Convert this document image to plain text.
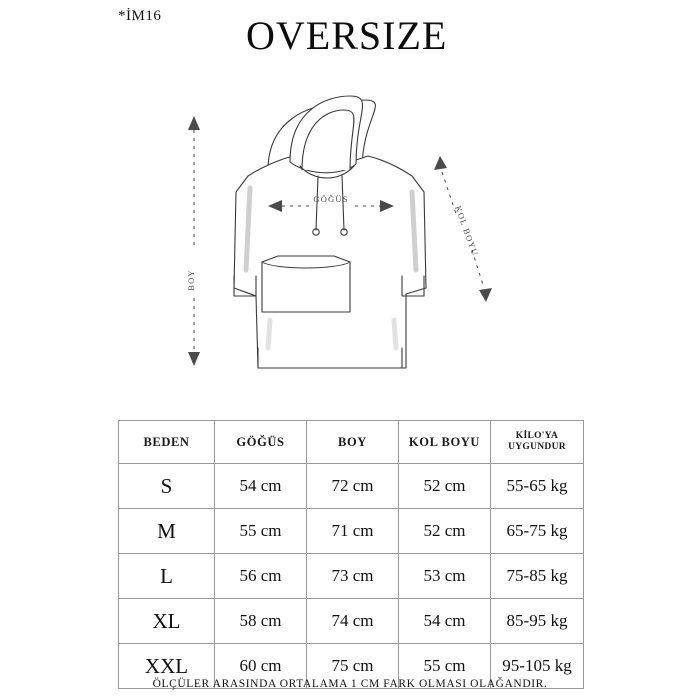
*İM16 OVERSIZE
BOY
GÖĞÜS
KOL BOYU
BEDEN	GÖĞÜS	BOY	KOL BOYU	KİLO'YA
UYGUNDUR
S	54 cm	72 cm	52 cm	55-65 kg
M	55 cm	71 cm	52 cm	65-75 kg
L	56 cm	73 cm	53 cm	75-85 kg
XL	58 cm	74 cm	54 cm	85-95 kg
XXL	60 cm	75 cm	55 cm	95-105 kg
ÖLÇÜLER ARASINDA ORTALAMA 1 CM FARK OLMASI OLAĞANDIR.
